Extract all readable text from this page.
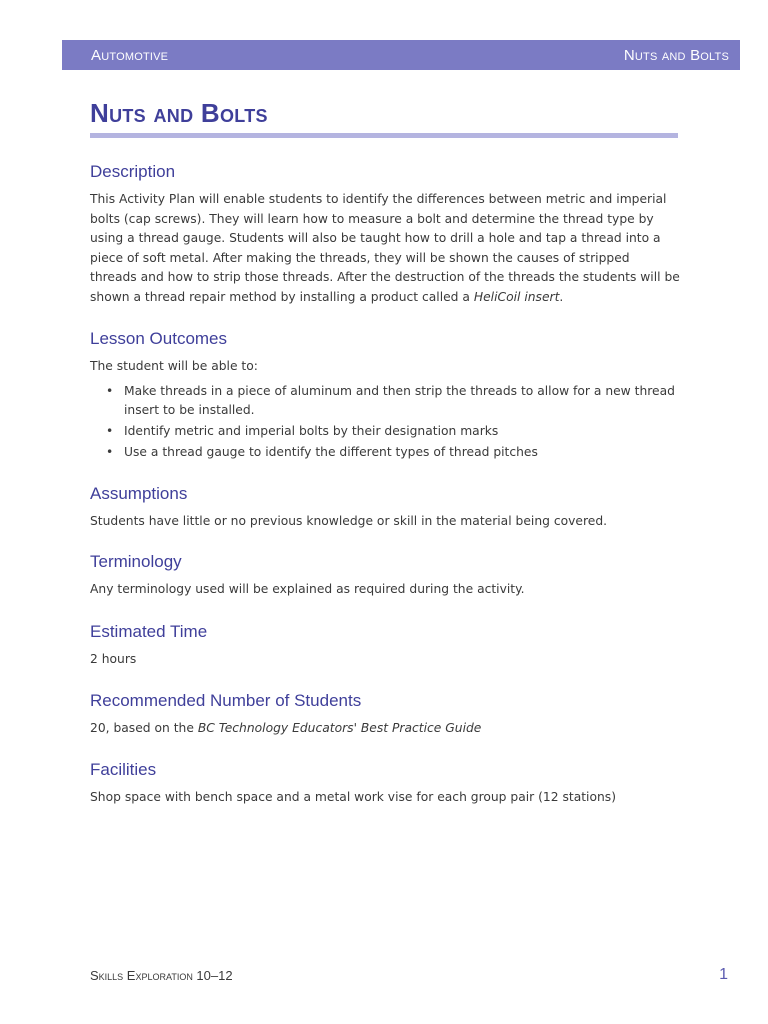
Automotive	Nuts and Bolts
Nuts and Bolts
Description

This Activity Plan will enable students to identify the differences between metric and imperial bolts (cap screws). They will learn how to measure a bolt and determine the thread type by using a thread gauge. Students will also be taught how to drill a hole and tap a thread into a piece of soft metal. After making the threads, they will be shown the causes of stripped threads and how to strip those threads. After the destruction of the threads the students will be shown a thread repair method by installing a product called a HeliCoil insert.

Lesson Outcomes

The student will be able to:

• Make threads in a piece of aluminum and then strip the threads to allow for a new thread insert to be installed.
• Identify metric and imperial bolts by their designation marks
• Use a thread gauge to identify the different types of thread pitches
Assumptions

Students have little or no previous knowledge or skill in the material being covered.

Terminology

Any terminology used will be explained as required during the activity.

Estimated Time

2 hours

Recommended Number of Students

20, based on the BC Technology Educators' Best Practice Guide

Facilities

Shop space with bench space and a metal work vise for each group pair (12 stations)

Skills Exploration 10–12	1
